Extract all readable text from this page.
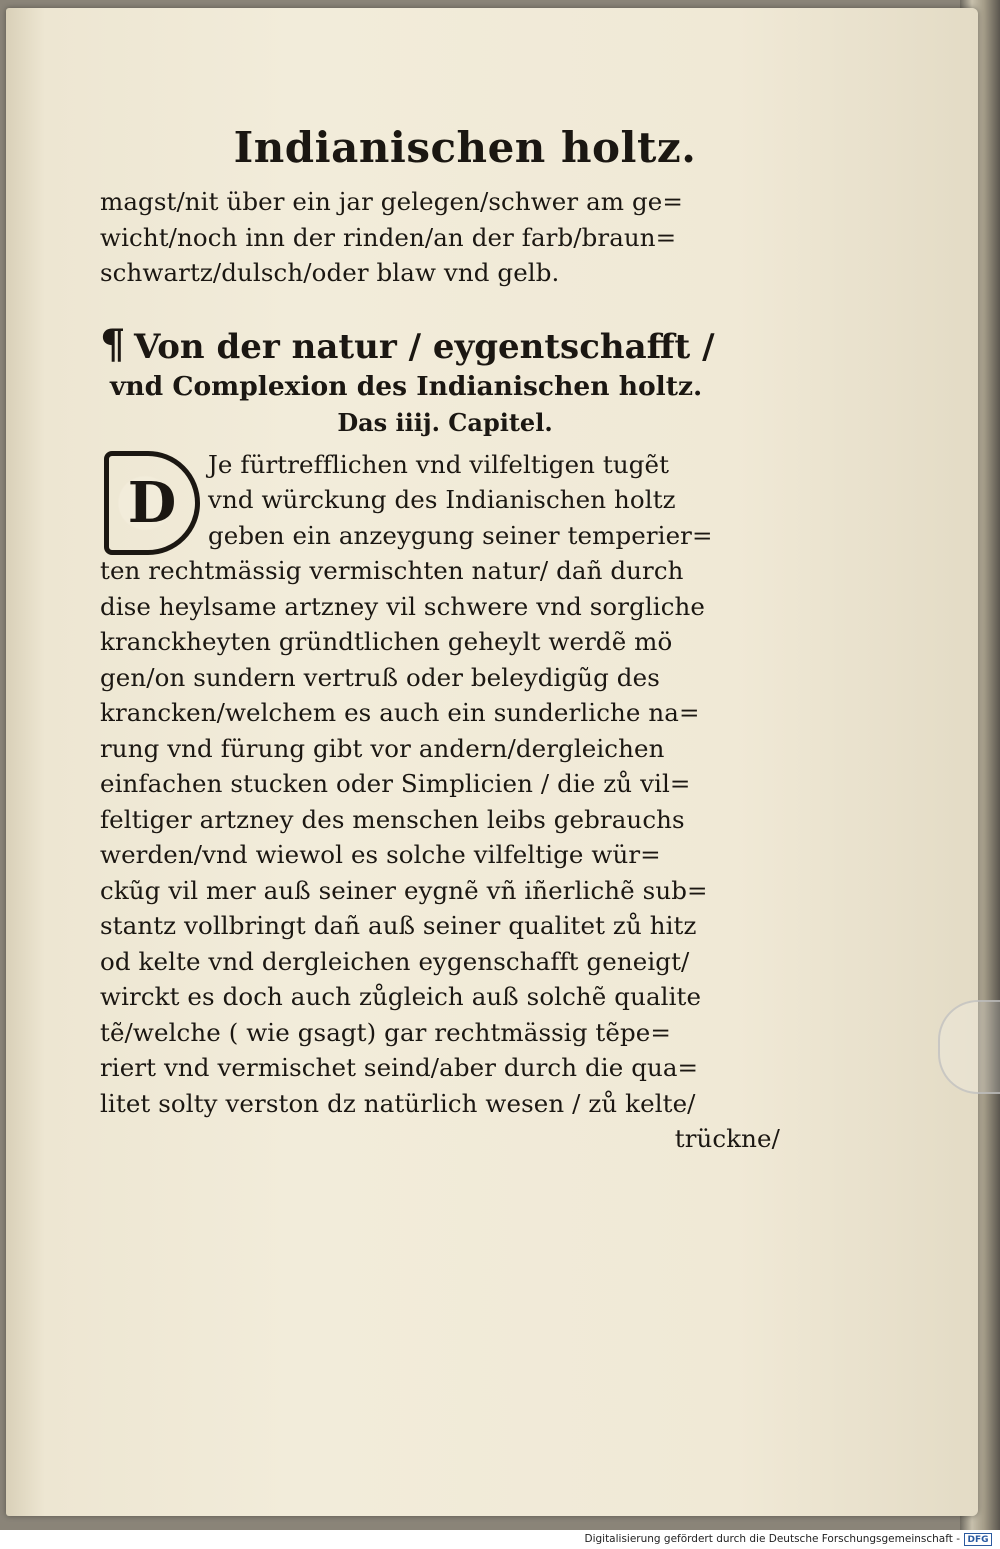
Indianischen holtz.
magst/nit über ein jar gelegen/schwer am ge=
wicht/noch inn der rinden/an der farb/braun=
schwartz/dulsch/oder blaw vnd gelb.
¶ Von der natur / eygentschafft /
vnd Complexion des Indianischen holtz.
Das iiij. Capitel.
D
Je fürtrefflichen vnd vilfeltigen tugẽt
vnd würckung des Indianischen holtz
geben ein anzeygung seiner temperier=
ten rechtmässig vermischten natur/ dañ durch
dise heylsame artzney vil schwere vnd sorgliche
kranckheyten gründtlichen geheylt werdẽ mö
gen/on sundern vertruß oder beleydigũg des
krancken/welchem es auch ein sunderliche na=
rung vnd fürung gibt vor andern/dergleichen
einfachen stucken oder Simplicien / die zů vil=
feltiger artzney des menschen leibs gebrauchs
werden/vnd wiewol es solche vilfeltige wür=
ckũg vil mer auß seiner eygnẽ vñ iñerlichẽ sub=
stantz vollbringt dañ auß seiner qualitet zů hitz
od kelte vnd dergleichen eygenschafft geneigt/
wirckt es doch auch zůgleich auß solchẽ qualite
tẽ/welche ( wie gsagt) gar rechtmässig tẽpe=
riert vnd vermischet seind/aber durch die qua=
litet solty verston dz natürlich wesen / zů kelte/
trückne/
Digitalisierung gefördert durch die Deutsche Forschungsgemeinschaft - DFG
